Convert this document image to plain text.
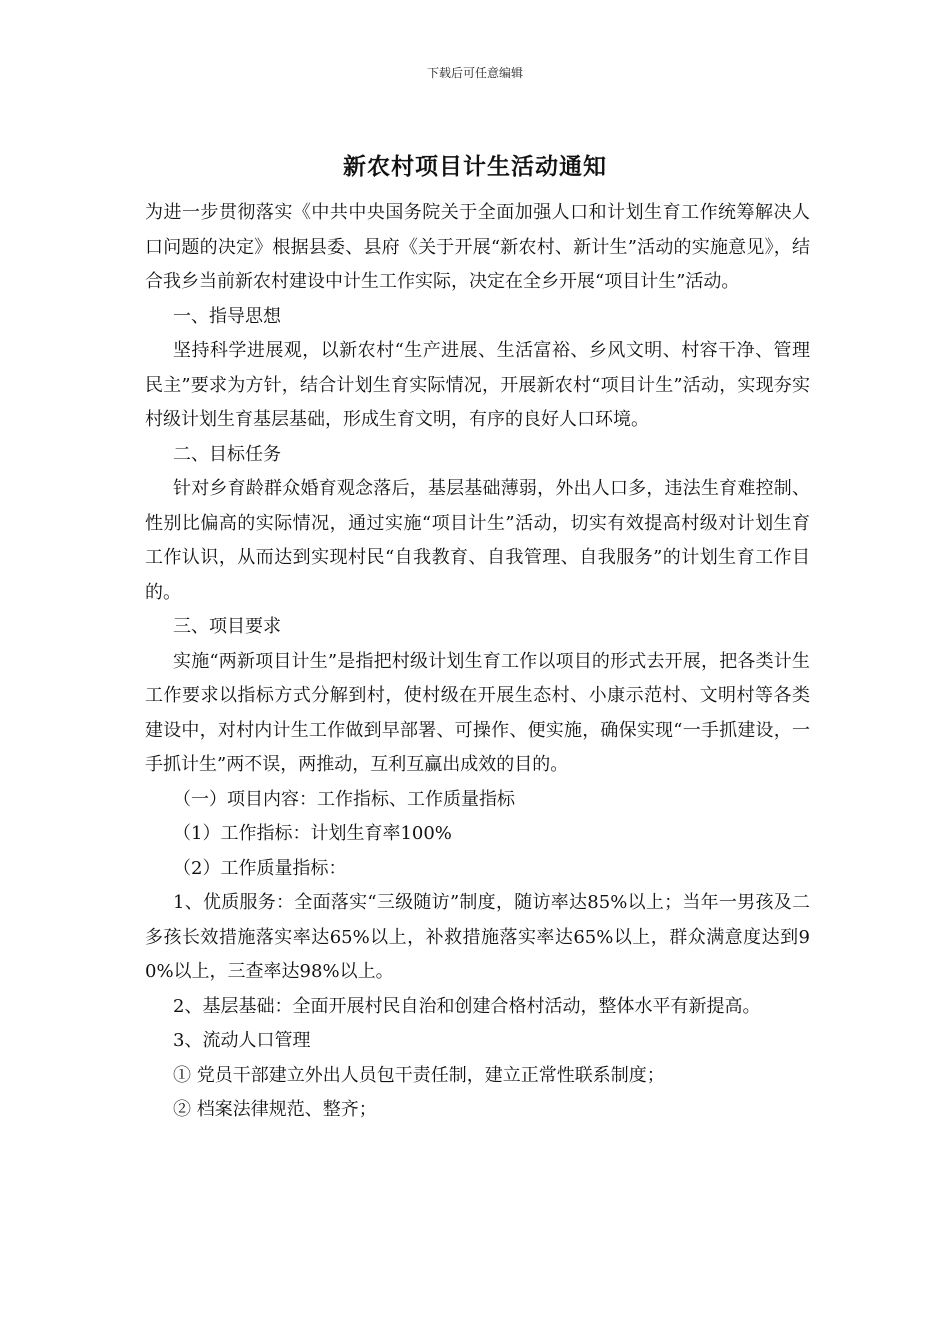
下载后可任意编辑
新农村项目计生活动通知

为进一步贯彻落实《中共中央国务院关于全面加强人口和计划生育工作统筹解决人口问题的决定》根据县委、县府《关于开展“新农村、新计生”活动的实施意见》，结合我乡当前新农村建设中计生工作实际，决定在全乡开展“项目计生”活动。

一、指导思想

坚持科学进展观，以新农村“生产进展、生活富裕、乡风文明、村容干净、管理民主”要求为方针，结合计划生育实际情况，开展新农村“项目计生”活动，实现夯实村级计划生育基层基础，形成生育文明，有序的良好人口环境。

二、目标任务

针对乡育龄群众婚育观念落后，基层基础薄弱，外出人口多，违法生育难控制、性别比偏高的实际情况，通过实施“项目计生”活动，切实有效提高村级对计划生育工作认识，从而达到实现村民“自我教育、自我管理、自我服务”的计划生育工作目的。

三、项目要求

实施“两新项目计生”是指把村级计划生育工作以项目的形式去开展，把各类计生工作要求以指标方式分解到村，使村级在开展生态村、小康示范村、文明村等各类建设中，对村内计生工作做到早部署、可操作、便实施，确保实现“一手抓建设，一手抓计生”两不误，两推动，互利互赢出成效的目的。

（一）项目内容：工作指标、工作质量指标

（1）工作指标：计划生育率100%

（2）工作质量指标：

1、优质服务：全面落实“三级随访”制度，随访率达85%以上；当年一男孩及二多孩长效措施落实率达65%以上，补救措施落实率达65%以上，群众满意度达到90%以上，三查率达98%以上。

2、基层基础：全面开展村民自治和创建合格村活动，整体水平有新提高。

3、流动人口管理

① 党员干部建立外出人员包干责任制，建立正常性联系制度；

② 档案法律规范、整齐；
